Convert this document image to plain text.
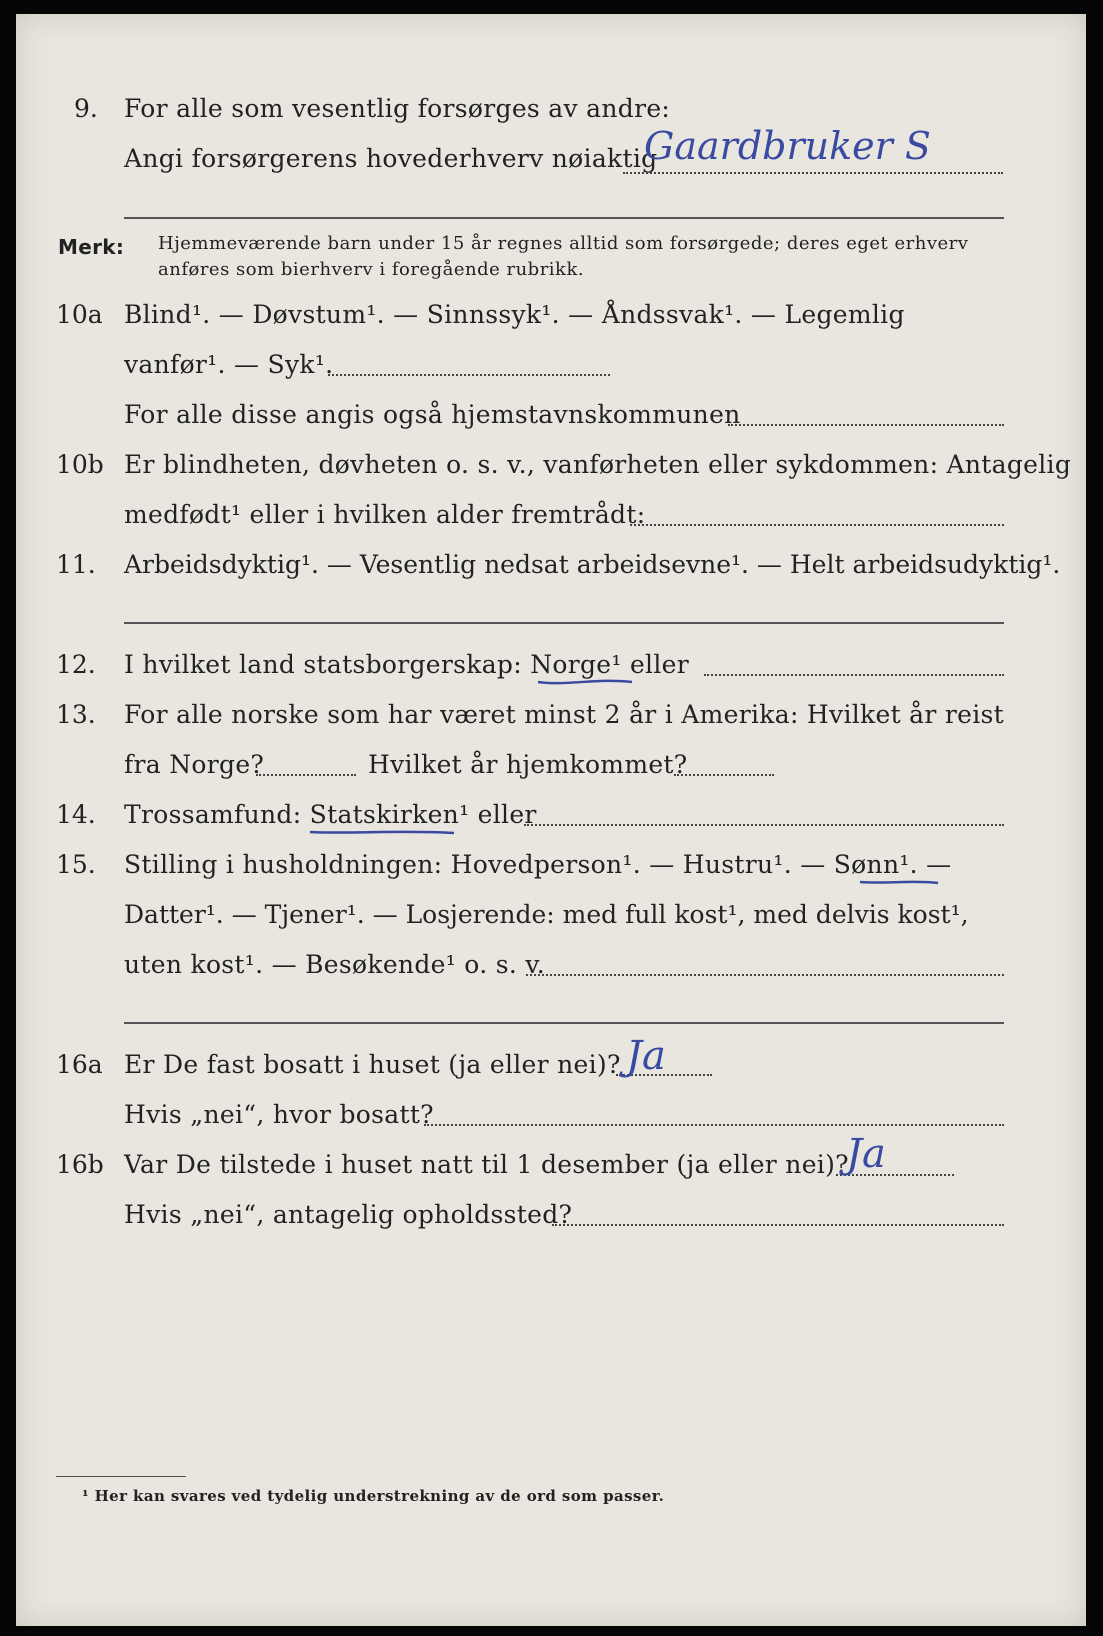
9. For alle som vesentlig forsørges av andre:
Angi forsørgerens hovederhverv nøiaktig
Gaardbruker S
Merk: Hjemmeværende barn under 15 år regnes alltid som forsørgede; deres eget erhverv
anføres som bierhverv i foregående rubrikk.
10a Blind¹. — Døvstum¹. — Sinnssyk¹. — Åndssvak¹. — Legemlig
vanfør¹. — Syk¹.
For alle disse angis også hjemstavnskommunen
10b Er blindheten, døvheten o. s. v., vanførheten eller sykdommen: Antagelig
medfødt¹ eller i hvilken alder fremtrådt:
11. Arbeidsdyktig¹. — Vesentlig nedsat arbeidsevne¹. — Helt arbeidsudyktig¹.
12. I hvilket land statsborgerskap: Norge¹ eller
13. For alle norske som har været minst 2 år i Amerika: Hvilket år reist
fra Norge?	Hvilket år hjemkommet?
14. Trossamfund: Statskirken¹ eller
15. Stilling i husholdningen: Hovedperson¹. — Hustru¹. — Sønn¹. —
Datter¹. — Tjener¹. — Losjerende: med full kost¹, med delvis kost¹,
uten kost¹. — Besøkende¹ o. s. v.
16a Er De fast bosatt i huset (ja eller nei)? Ja
Hvis „nei“, hvor bosatt?
16b Var De tilstede i huset natt til 1 desember (ja eller nei)?
Ja
Hvis „nei“, antagelig opholdssted?
¹ Her kan svares ved tydelig understrekning av de ord som passer.
